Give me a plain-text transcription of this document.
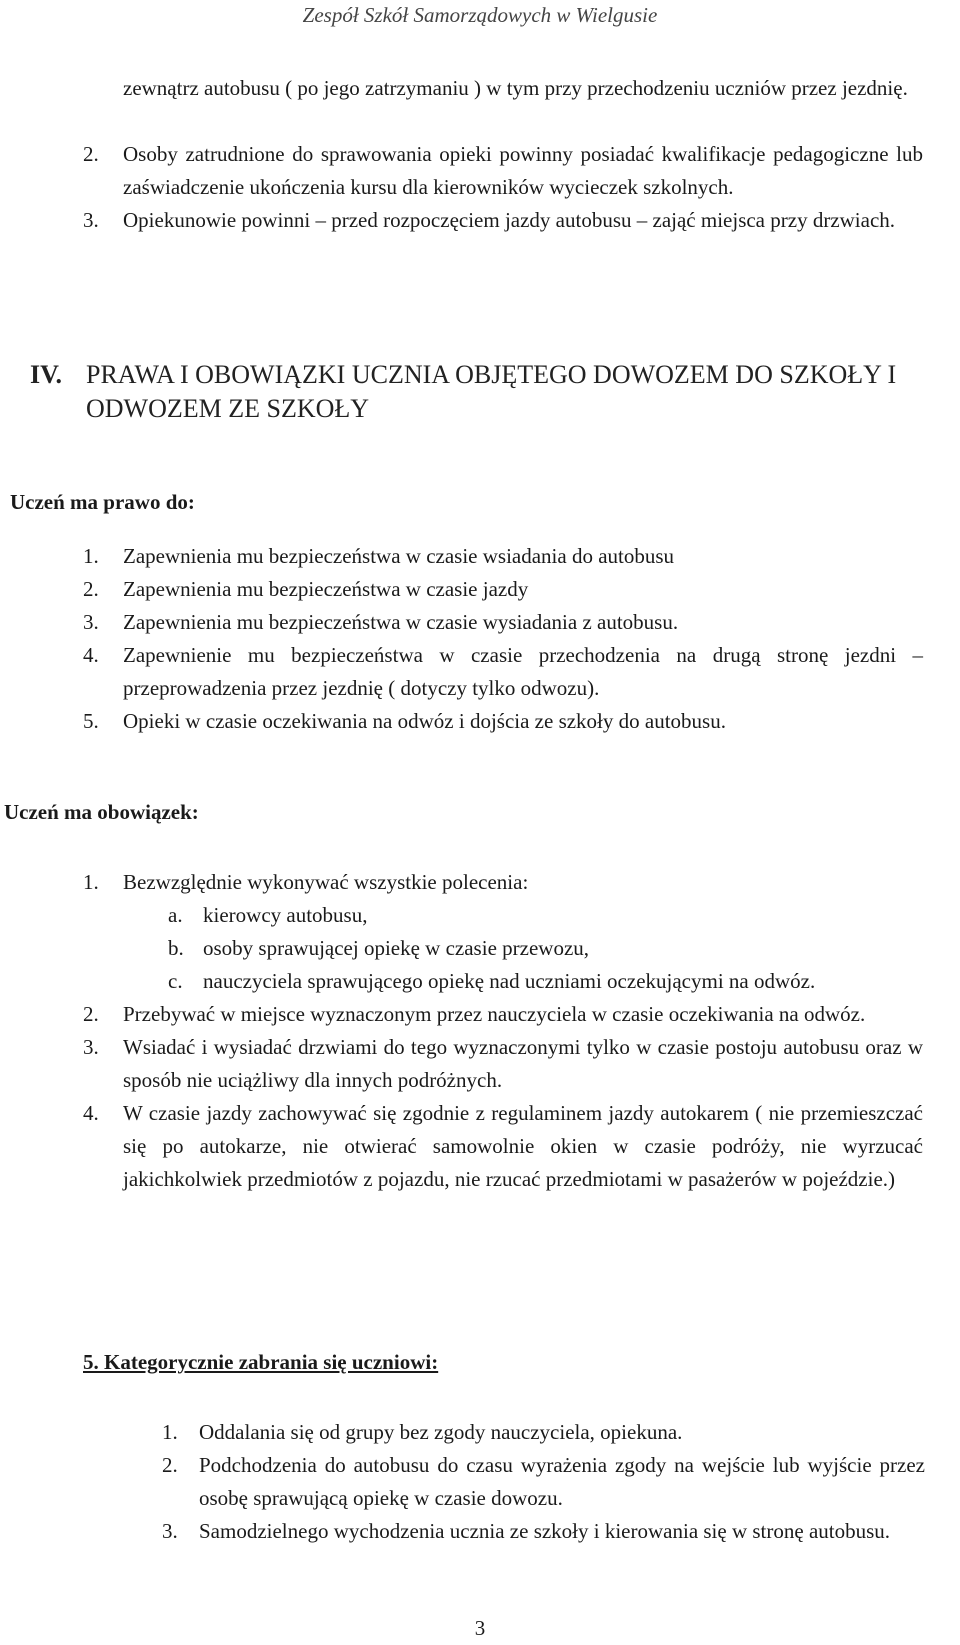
Zespół Szkół Samorządowych w Wielgusie
zewnątrz autobusu ( po jego zatrzymaniu ) w tym przy przechodzeniu uczniów przez jezdnię.
2.	Osoby zatrudnione do sprawowania opieki powinny posiadać kwalifikacje pedagogiczne lub zaświadczenie ukończenia kursu dla kierowników wycieczek szkolnych.
3.	Opiekunowie powinni – przed rozpoczęciem jazdy autobusu – zająć miejsca przy drzwiach.
IV. PRAWA I OBOWIĄZKI UCZNIA OBJĘTEGO DOWOZEM DO SZKOŁY I ODWOZEM ZE SZKOŁY
Uczeń ma prawo do:
1.	Zapewnienia mu bezpieczeństwa w czasie wsiadania do autobusu
2.	Zapewnienia mu bezpieczeństwa w czasie jazdy
3.	Zapewnienia mu bezpieczeństwa w czasie wysiadania z autobusu.
4.	Zapewnienie mu bezpieczeństwa w czasie przechodzenia na drugą stronę jezdni – przeprowadzenia przez jezdnię ( dotyczy tylko odwozu).
5.	Opieki w czasie oczekiwania na odwóz i dojścia ze szkoły do autobusu.
Uczeń ma obowiązek:
1.	Bezwzględnie wykonywać wszystkie polecenia:
a. kierowcy autobusu,
b. osoby sprawującej opiekę w czasie przewozu,
c. nauczyciela sprawującego opiekę nad uczniami oczekującymi na odwóz.
2.	Przebywać w miejsce wyznaczonym przez nauczyciela w czasie oczekiwania na odwóz.
3.	Wsiadać i wysiadać drzwiami do tego wyznaczonymi tylko w czasie postoju autobusu oraz w sposób nie uciążliwy dla innych podróżnych.
4.	W czasie jazdy zachowywać się zgodnie z regulaminem jazdy autokarem ( nie przemieszczać się po autokarze, nie otwierać samowolnie okien w czasie podróży, nie wyrzucać jakichkolwiek przedmiotów z pojazdu, nie rzucać przedmiotami w pasażerów w pojeździe.)
5. Kategorycznie zabrania się uczniowi:
1.	Oddalania się od grupy bez zgody nauczyciela, opiekuna.
2.	Podchodzenia do autobusu do czasu wyrażenia zgody na wejście lub wyjście przez osobę sprawującą opiekę w czasie dowozu.
3.	Samodzielnego wychodzenia ucznia ze szkoły i kierowania się w stronę autobusu.
3
